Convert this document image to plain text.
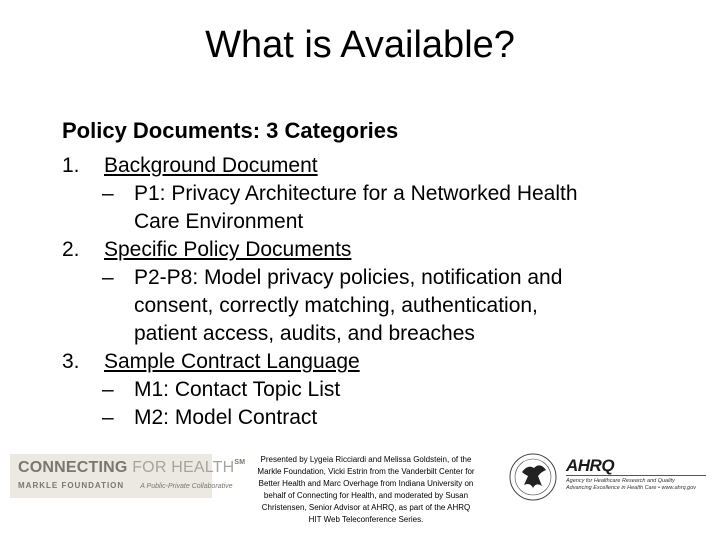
What is Available?
Policy Documents: 3 Categories
1. Background Document
– P1: Privacy Architecture for a Networked Health
Care Environment
2. Specific Policy Documents
– P2-P8: Model privacy policies, notification and
consent, correctly matching, authentication,
patient access, audits, and breaches
3. Sample Contract Language
– M1: Contact Topic List
– M2: Model Contract
CONNECTING FOR HEALTH℠
MARKLE FOUNDATION A Public-Private Collaborative
Presented by Lygeia Ricciardi and Melissa Goldstein, of the
Markle Foundation, Vicki Estrin from the Vanderbilt Center for
Better Health and Marc Overhage from Indiana University on
behalf of Connecting for Health, and moderated by Susan
Christensen, Senior Advisor at AHRQ, as part of the AHRQ
HIT Web Teleconference Series.
AHRQ
Agency for Healthcare Research and Quality
Advancing Excellence in Health Care • www.ahrq.gov
